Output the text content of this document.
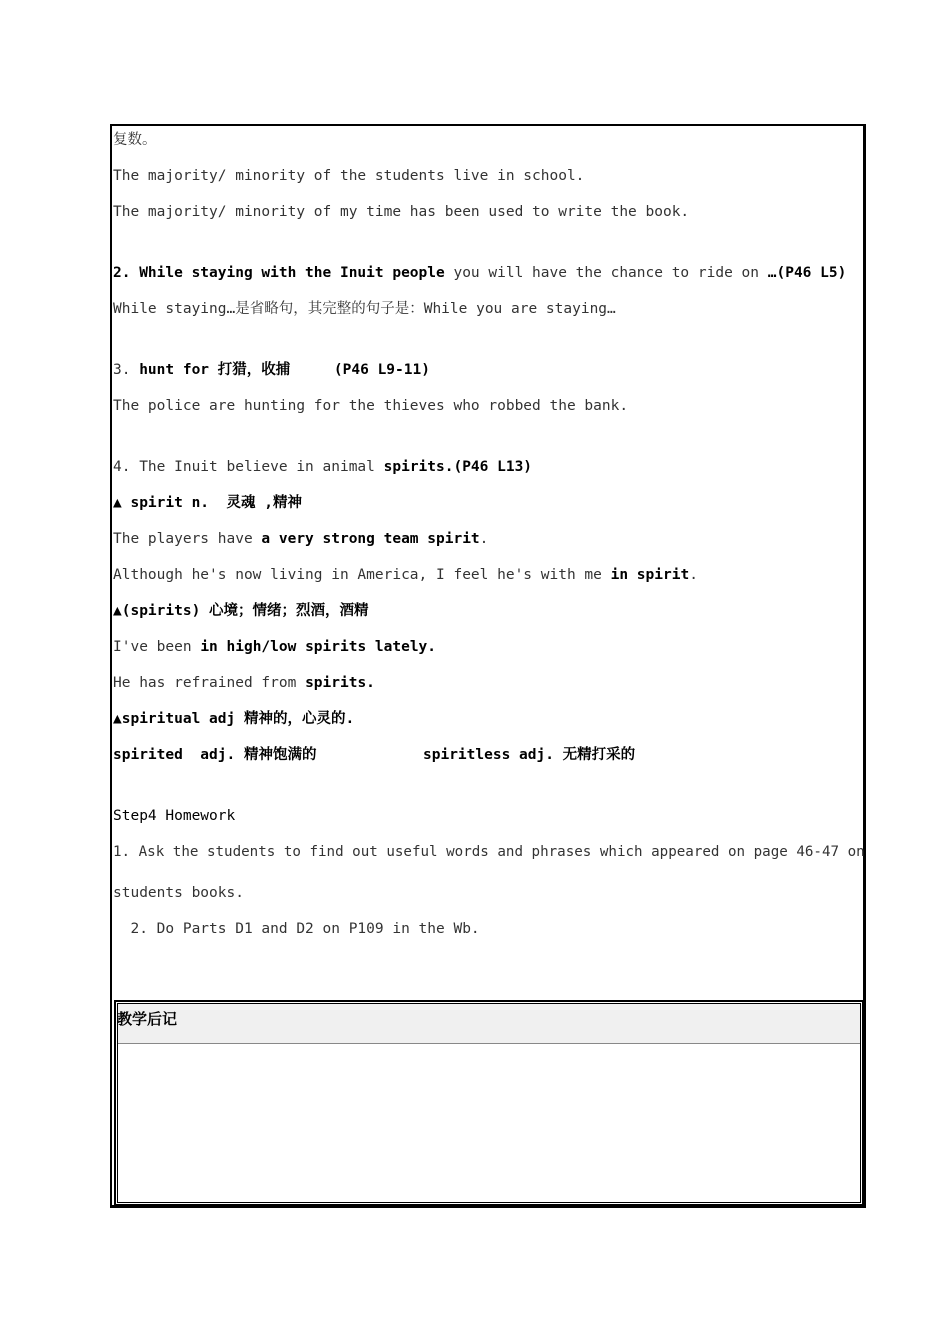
复数。
The majority/ minority of the students live in school.
The majority/ minority of my time has been used to write the book.
2. While staying with the Inuit people you will have the chance to ride on …(P46 L5)
While staying…是省略句，其完整的句子是：While you are staying…
3. hunt for 打猎，收捕     (P46 L9-11)
The police are hunting for the thieves who robbed the bank.
4. The Inuit believe in animal spirits.(P46 L13)
▲ spirit n.  灵魂 ,精神
The players have a very strong team spirit.
Although he's now living in America, I feel he's with me in spirit.
▲(spirits) 心境；情绪；烈酒，酒精
I've been in high/low spirits lately.
He has refrained from spirits.
▲spiritual adj 精神的，心灵的.
spirited  adj. 精神饱满的	spiritless adj. 无精打采的
Step4 Homework
1. Ask the students to find out useful words and phrases which appeared on page 46-47 on
students books.
2. Do Parts D1 and D2 on P109 in the Wb.
教学后记
